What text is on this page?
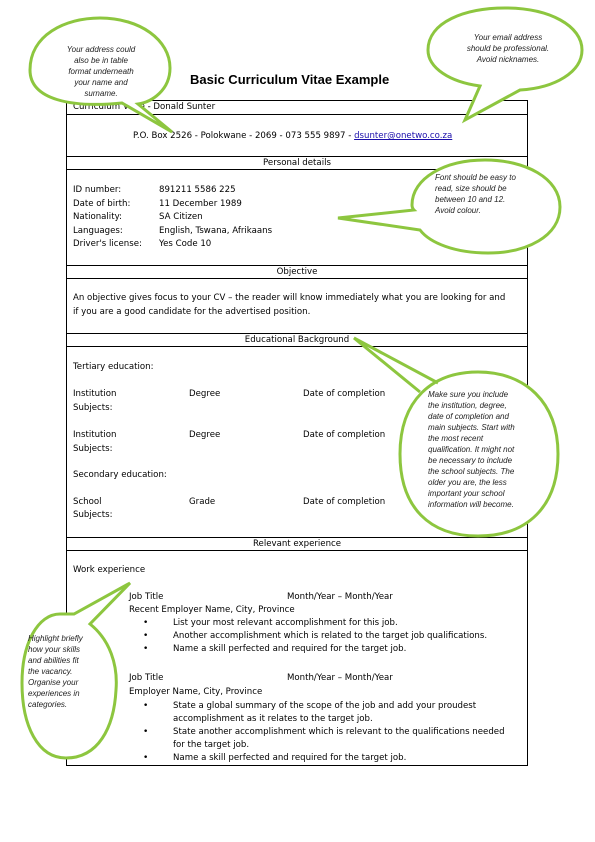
Basic Curriculum Vitae Example
Curriculum Vitae - Donald Sunter
P.O. Box 2526 - Polokwane - 2069 - 073 555 9897 - dsunter@onetwo.co.za
Personal details
ID number:	891211 5586 225
Date of birth:	11 December 1989
Nationality:	SA Citizen
Languages:	English, Tswana, Afrikaans
Driver's license: Yes Code 10
Objective
An objective gives focus to your CV – the reader will know immediately what you are looking for and
if you are a good candidate for the advertised position.
Educational Background
Tertiary education:
Institution	Degree	Date of completion
Subjects:
Institution	Degree	Date of completion
Subjects:
Secondary education:
School	Grade	Date of completion
Subjects:
Relevant experience
Work experience
Job Title	Month/Year – Month/Year
Recent Employer Name, City, Province
• List your most relevant accomplishment for this job.
• Another accomplishment which is related to the target job qualifications.
• Name a skill perfected and required for the target job.
Job Title	Month/Year – Month/Year
Employer Name, City, Province
• State a global summary of the scope of the job and add your proudest
accomplishment as it relates to the target job.
• State another accomplishment which is relevant to the qualifications needed
for the target job.
• Name a skill perfected and required for the target job.
Your address could
also be in table
format underneath
your name and
surname.
Your email address
should be professional.
Avoid nicknames.
Font should be easy to
read, size should be
between 10 and 12.
Avoid colour.
Make sure you include
the institution, degree,
date of completion and
main subjects. Start with
the most recent
qualification. It might not
be necessary to include
the school subjects. The
older you are, the less
important your school
information will become.
Highlight briefly
how your skills
and abilities fit
the vacancy.
Organise your
experiences in
categories.
